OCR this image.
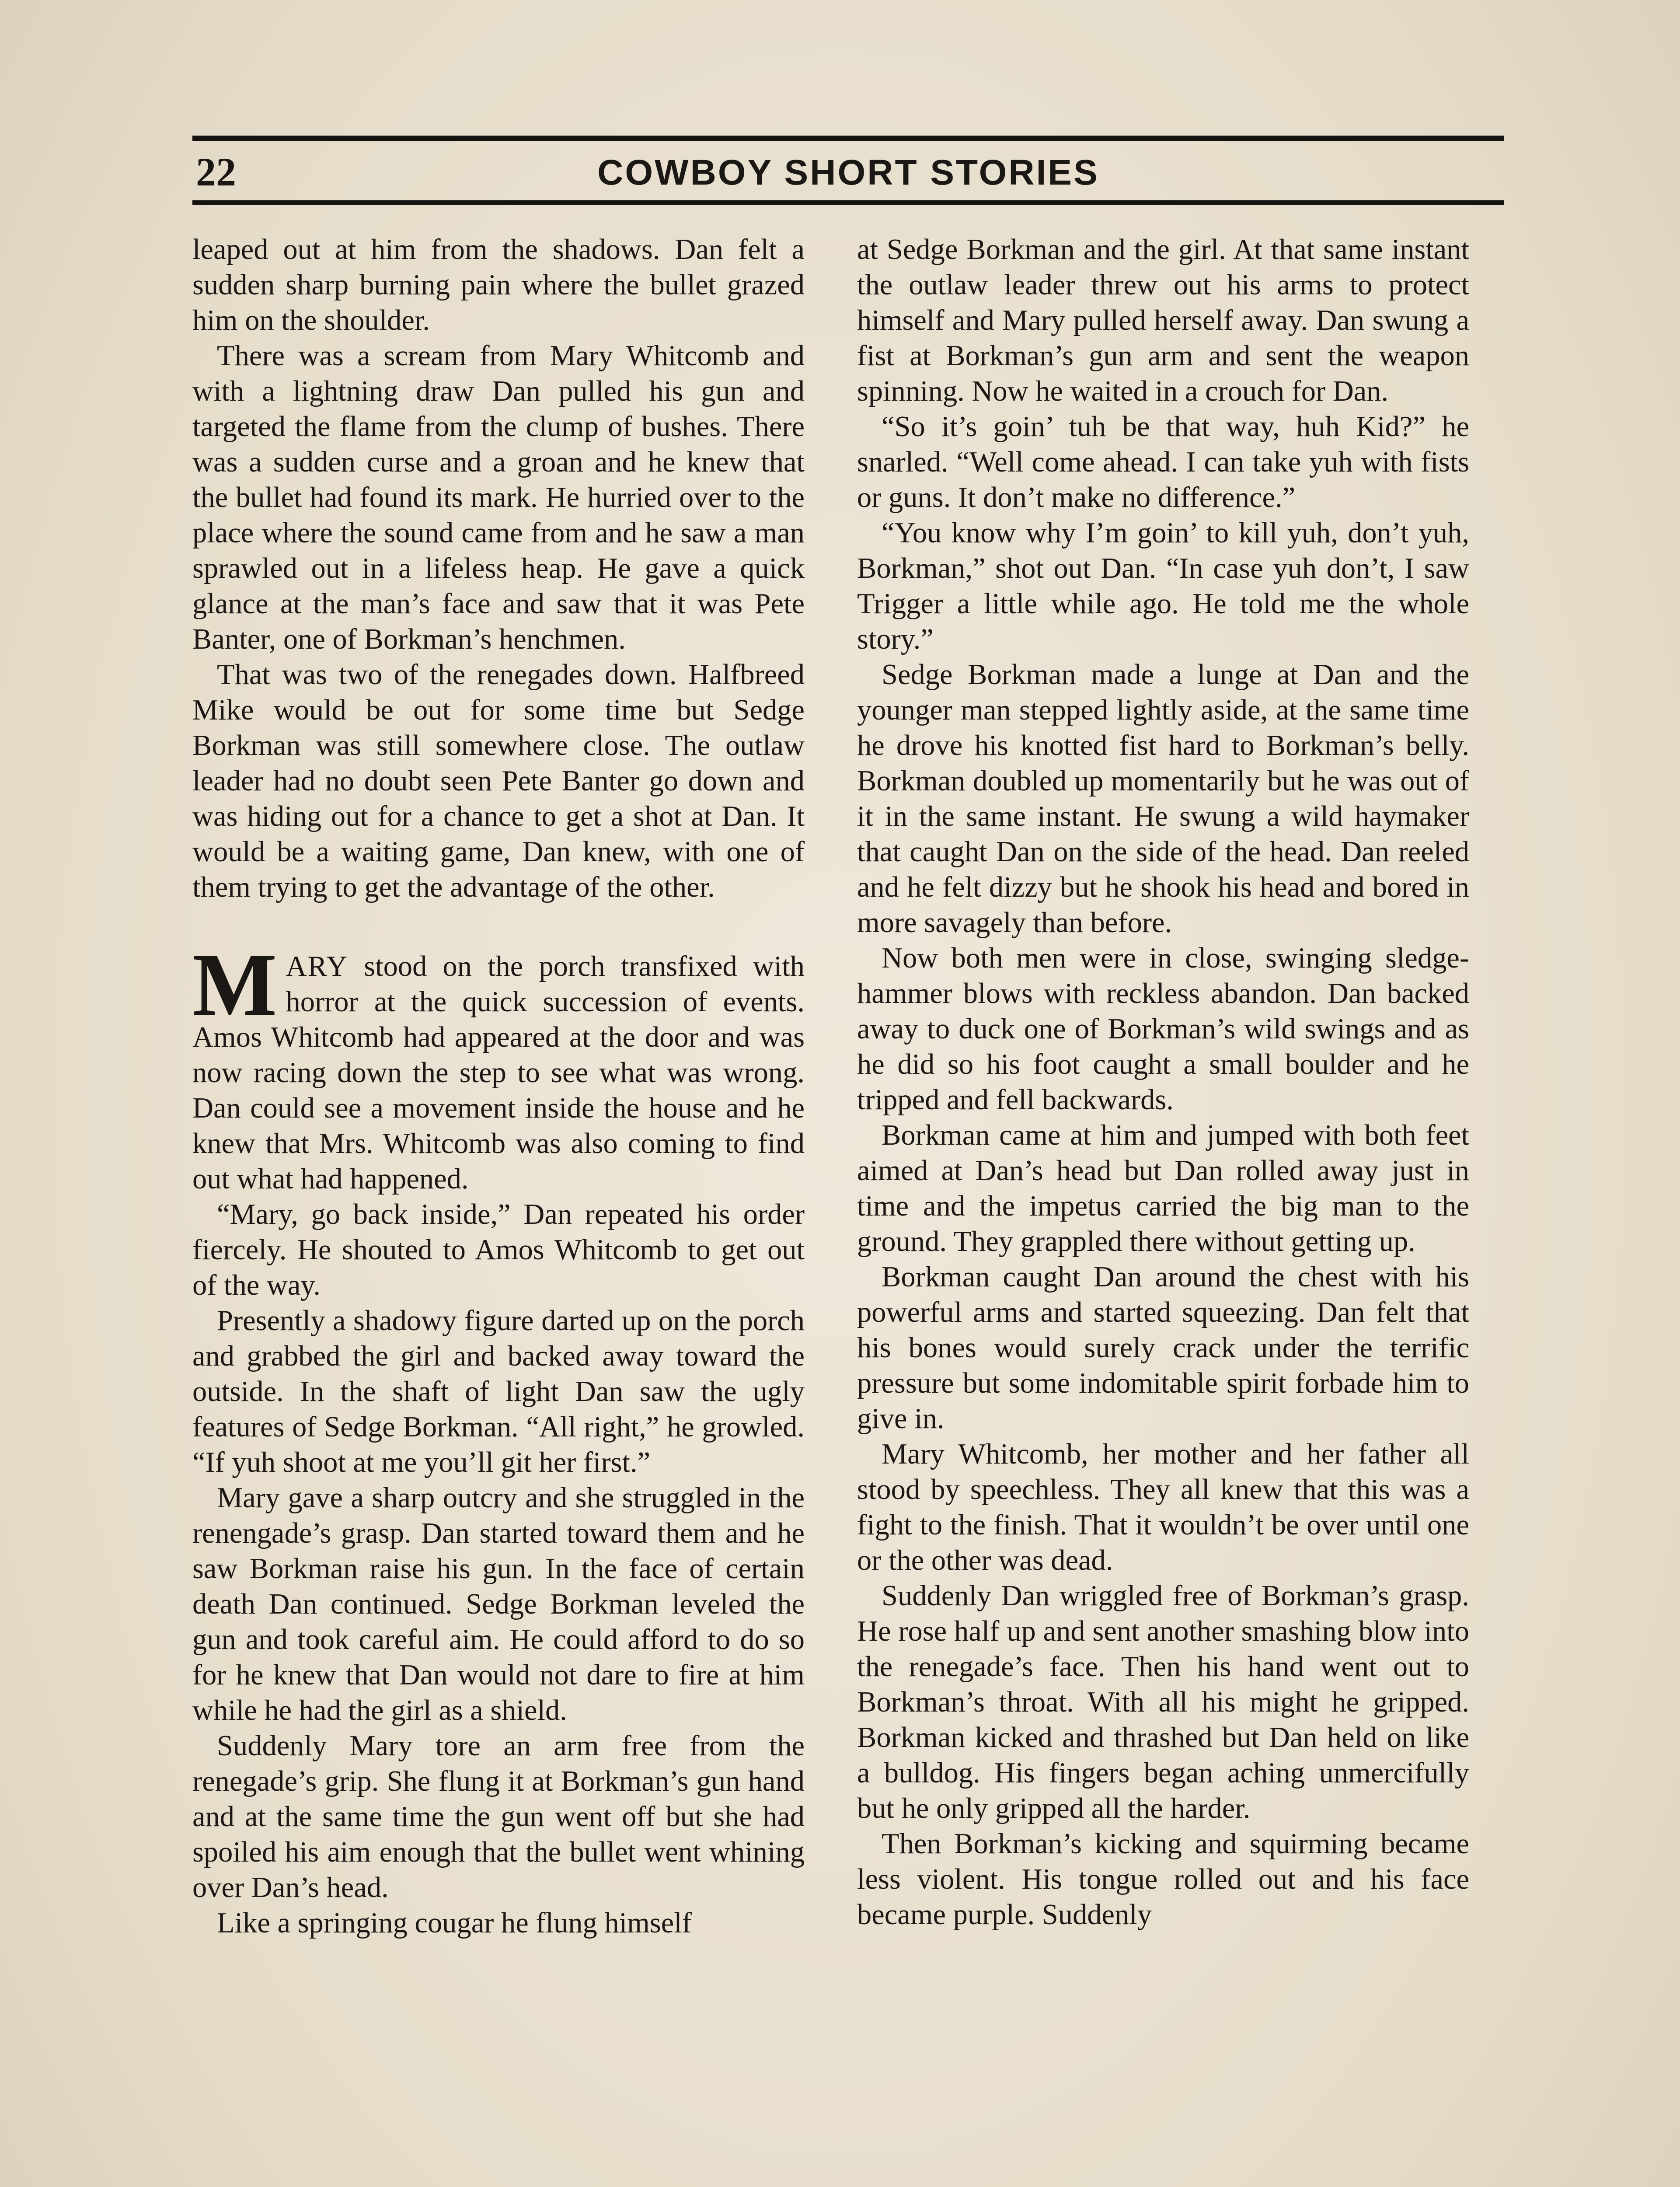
22	COWBOY SHORT STORIES

leaped out at him from the shadows. Dan felt a sudden sharp burning pain where the bullet grazed him on the shoulder.

There was a scream from Mary Whitcomb and with a lightning draw Dan pulled his gun and targeted the flame from the clump of bushes. There was a sudden curse and a groan and he knew that the bullet had found its mark. He hurried over to the place where the sound came from and he saw a man sprawled out in a lifeless heap. He gave a quick glance at the man’s face and saw that it was Pete Banter, one of Borkman’s henchmen.

That was two of the renegades down. Halfbreed Mike would be out for some time but Sedge Borkman was still somewhere close. The outlaw leader had no doubt seen Pete Banter go down and was hiding out for a chance to get a shot at Dan. It would be a waiting game, Dan knew, with one of them trying to get the advantage of the other.

MARY stood on the porch transfixed with horror at the quick succession of events. Amos Whitcomb had appeared at the door and was now racing down the step to see what was wrong. Dan could see a movement inside the house and he knew that Mrs. Whitcomb was also coming to find out what had happened.

“Mary, go back inside,” Dan repeated his order fiercely. He shouted to Amos Whitcomb to get out of the way.

Presently a shadowy figure darted up on the porch and grabbed the girl and backed away toward the outside. In the shaft of light Dan saw the ugly features of Sedge Borkman. “All right,” he growled. “If yuh shoot at me you’ll git her first.”

Mary gave a sharp outcry and she struggled in the renengade’s grasp. Dan started toward them and he saw Borkman raise his gun. In the face of certain death Dan continued. Sedge Borkman leveled the gun and took careful aim. He could afford to do so for he knew that Dan would not dare to fire at him while he had the girl as a shield.

Suddenly Mary tore an arm free from the renegade’s grip. She flung it at Borkman’s gun hand and at the same time the gun went off but she had spoiled his aim enough that the bullet went whining over Dan’s head.

Like a springing cougar he flung himself

at Sedge Borkman and the girl. At that same instant the outlaw leader threw out his arms to protect himself and Mary pulled herself away. Dan swung a fist at Borkman’s gun arm and sent the weapon spinning. Now he waited in a crouch for Dan.

“So it’s goin’ tuh be that way, huh Kid?” he snarled. “Well come ahead. I can take yuh with fists or guns. It don’t make no difference.”

“You know why I’m goin’ to kill yuh, don’t yuh, Borkman,” shot out Dan. “In case yuh don’t, I saw Trigger a little while ago. He told me the whole story.”

Sedge Borkman made a lunge at Dan and the younger man stepped lightly aside, at the same time he drove his knotted fist hard to Borkman’s belly. Borkman doubled up momentarily but he was out of it in the same instant. He swung a wild haymaker that caught Dan on the side of the head. Dan reeled and he felt dizzy but he shook his head and bored in more savagely than before.

Now both men were in close, swinging sledge-hammer blows with reckless abandon. Dan backed away to duck one of Borkman’s wild swings and as he did so his foot caught a small boulder and he tripped and fell backwards.

Borkman came at him and jumped with both feet aimed at Dan’s head but Dan rolled away just in time and the impetus carried the big man to the ground. They grappled there without getting up.

Borkman caught Dan around the chest with his powerful arms and started squeezing. Dan felt that his bones would surely crack under the terrific pressure but some indomitable spirit forbade him to give in.

Mary Whitcomb, her mother and her father all stood by speechless. They all knew that this was a fight to the finish. That it wouldn’t be over until one or the other was dead.

Suddenly Dan wriggled free of Borkman’s grasp. He rose half up and sent another smashing blow into the renegade’s face. Then his hand went out to Borkman’s throat. With all his might he gripped. Borkman kicked and thrashed but Dan held on like a bulldog. His fingers began aching unmercifully but he only gripped all the harder.

Then Borkman’s kicking and squirming became less violent. His tongue rolled out and his face became purple. Suddenly
